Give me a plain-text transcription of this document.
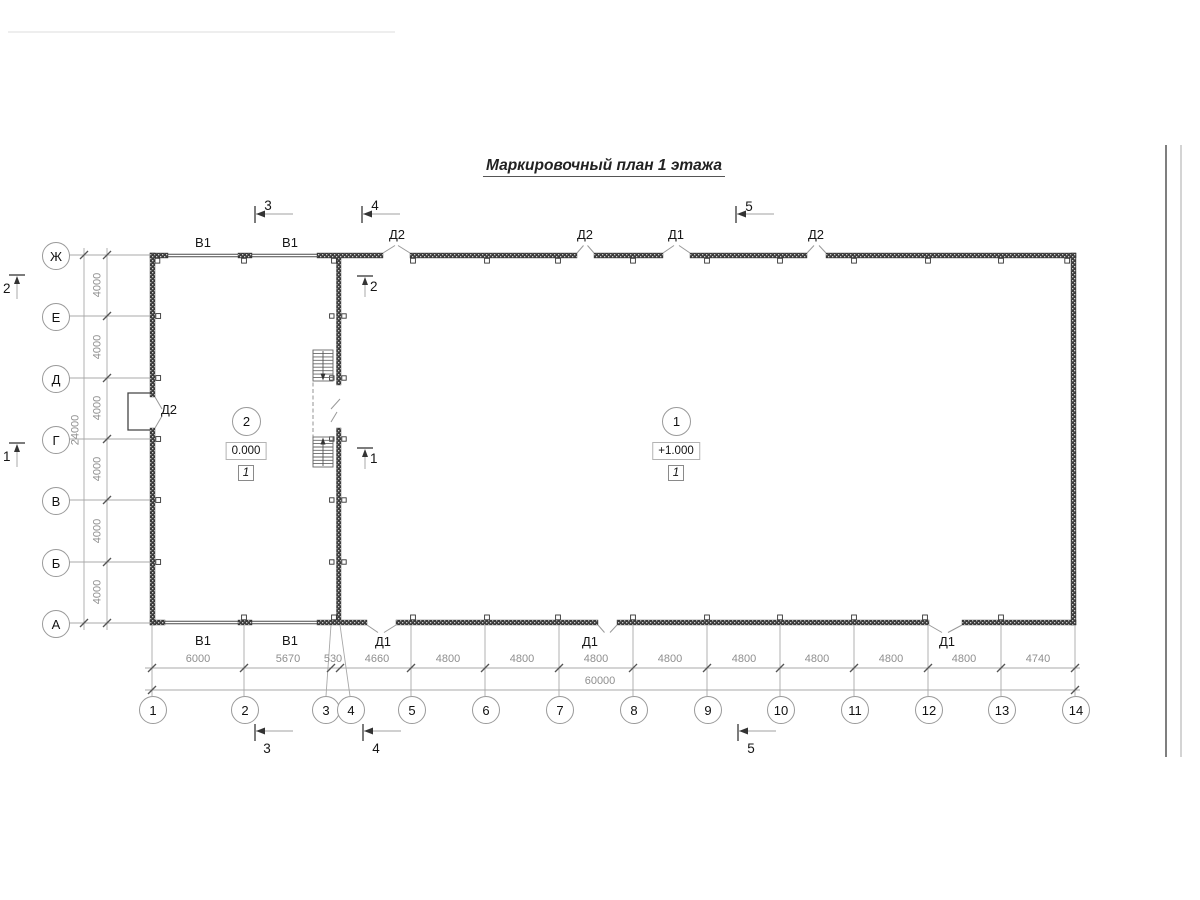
Маркировочный план 1 этажа
Ж
Е
Д
Г
В
Б
А
1	2	3 4	5	6	7	8	9	10	11	12	13	14
6000	5670 530 4660	4800	4800	4800	4800	4800	4800	4800	4800	4740
60000
4000
4000
4000
4000
4000
4000
24000
В1	В1
Д2	Д2	Д1	Д2
В1	В1	Д1	Д1	Д1
Д2
3	4	5
3	4	5
2
1
2
1
2
0.000
1
1
+1.000
1
